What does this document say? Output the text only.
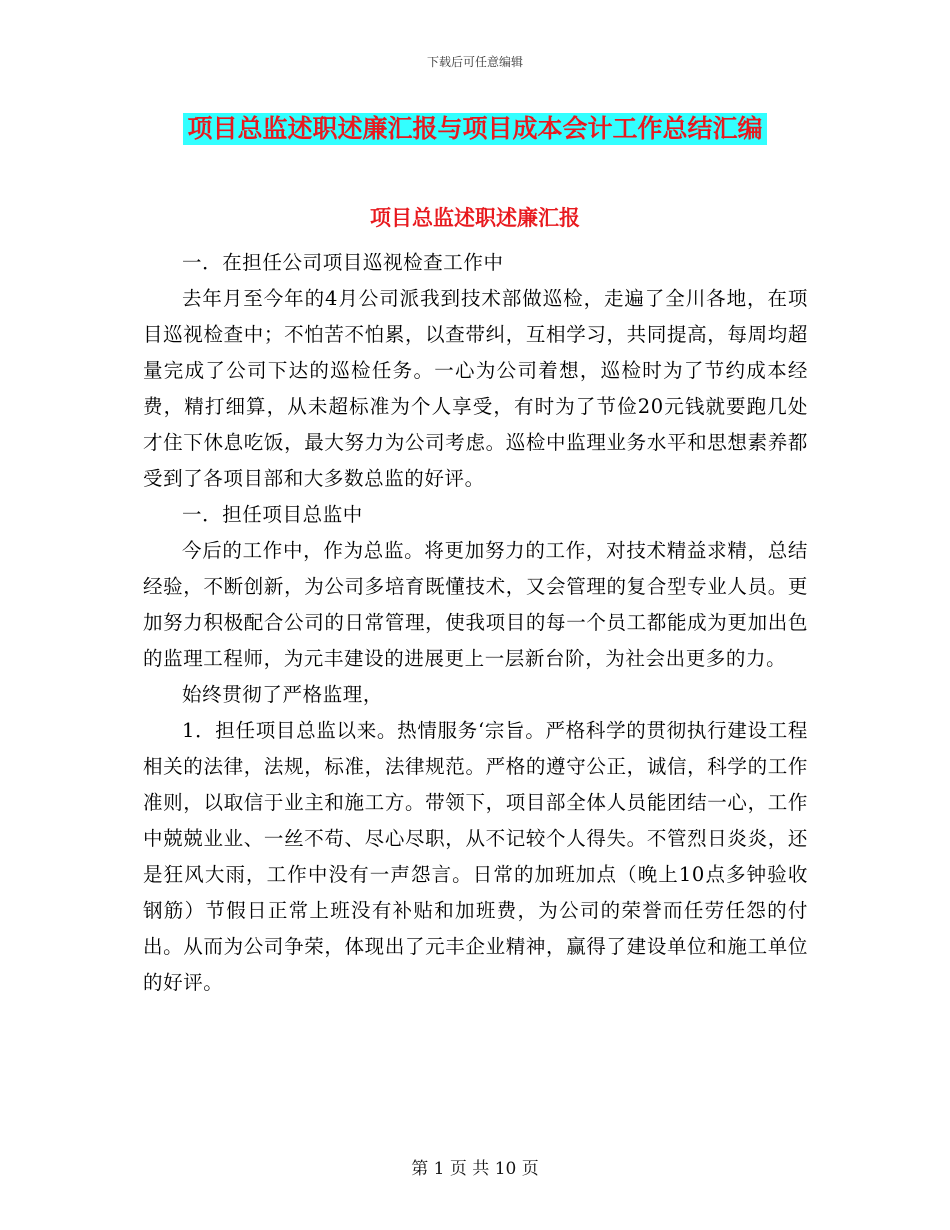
下载后可任意编辑
项目总监述职述廉汇报与项目成本会计工作总结汇编
项目总监述职述廉汇报

一．在担任公司项目巡视检查工作中

去年月至今年的4月公司派我到技术部做巡检，走遍了全川各地，在项目巡视检查中；不怕苦不怕累，以查带纠，互相学习，共同提高，每周均超量完成了公司下达的巡检任务。一心为公司着想，巡检时为了节约成本经费，精打细算，从未超标准为个人享受，有时为了节俭20元钱就要跑几处才住下休息吃饭，最大努力为公司考虑。巡检中监理业务水平和思想素养都受到了各项目部和大多数总监的好评。

一．担任项目总监中

今后的工作中，作为总监。将更加努力的工作，对技术精益求精，总结经验，不断创新，为公司多培育既懂技术，又会管理的复合型专业人员。更加努力积极配合公司的日常管理，使我项目的每一个员工都能成为更加出色的监理工程师，为元丰建设的进展更上一层新台阶，为社会出更多的力。

始终贯彻了严格监理，

1．担任项目总监以来。热情服务‘宗旨。严格科学的贯彻执行建设工程相关的法律，法规，标准，法律规范。严格的遵守公正，诚信，科学的工作准则，以取信于业主和施工方。带领下，项目部全体人员能团结一心，工作中兢兢业业、一丝不苟、尽心尽职，从不记较个人得失。不管烈日炎炎，还是狂风大雨，工作中没有一声怨言。日常的加班加点（晚上10点多钟验收钢筋）节假日正常上班没有补贴和加班费，为公司的荣誉而任劳任怨的付出。从而为公司争荣，体现出了元丰企业精神，赢得了建设单位和施工单位的好评。

第 1 页 共 10 页
